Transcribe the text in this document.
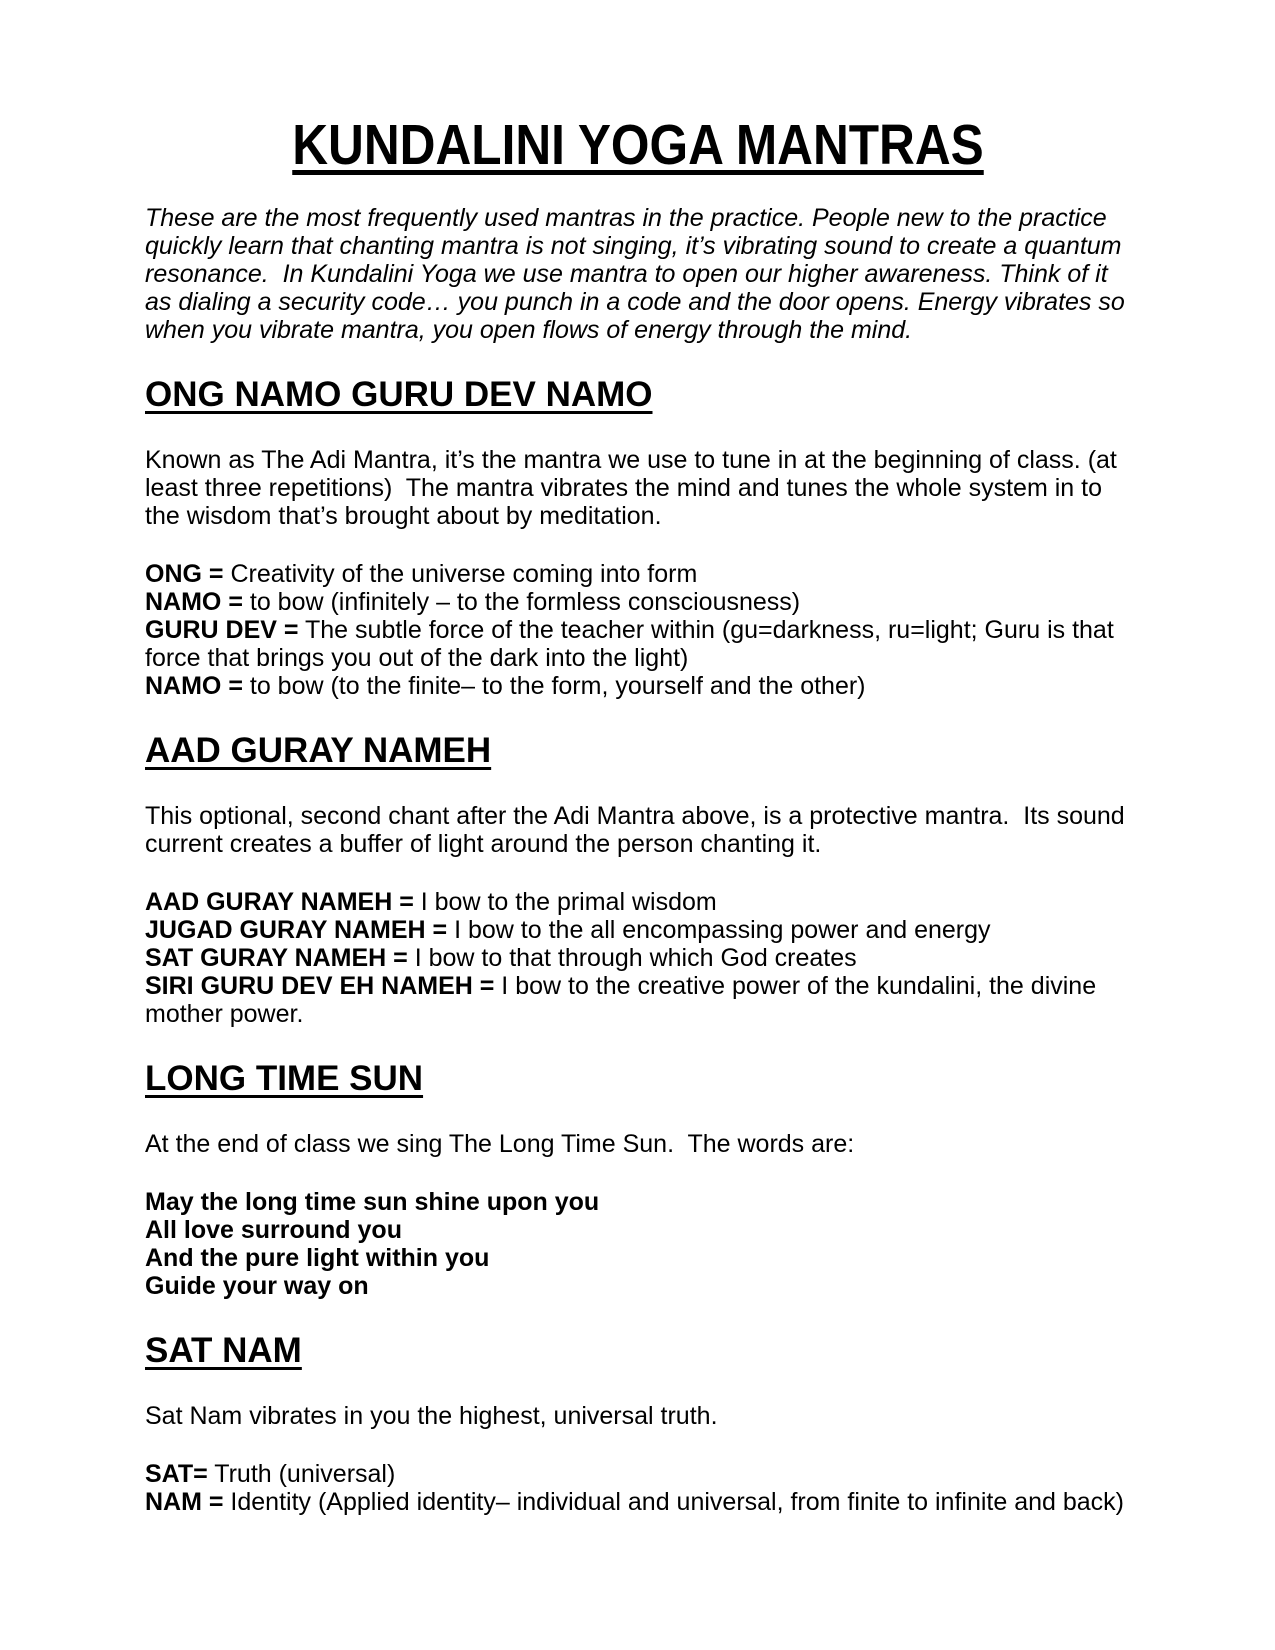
KUNDALINI YOGA MANTRAS

These are the most frequently used mantras in the practice. People new to the practice quickly learn that chanting mantra is not singing, it’s vibrating sound to create a quantum resonance.  In Kundalini Yoga we use mantra to open our higher awareness. Think of it as dialing a security code… you punch in a code and the door opens. Energy vibrates so when you vibrate mantra, you open flows of energy through the mind.

ONG NAMO GURU DEV NAMO

Known as The Adi Mantra, it’s the mantra we use to tune in at the beginning of class. (at least three repetitions)  The mantra vibrates the mind and tunes the whole system in to the wisdom that’s brought about by meditation.

ONG = Creativity of the universe coming into form
NAMO = to bow (infinitely – to the formless consciousness)
GURU DEV = The subtle force of the teacher within (gu=darkness, ru=light; Guru is that force that brings you out of the dark into the light)
NAMO = to bow (to the finite– to the form, yourself and the other)
AAD GURAY NAMEH

This optional, second chant after the Adi Mantra above, is a protective mantra.  Its sound current creates a buffer of light around the person chanting it.

AAD GURAY NAMEH = I bow to the primal wisdom
JUGAD GURAY NAMEH = I bow to the all encompassing power and energy
SAT GURAY NAMEH = I bow to that through which God creates
SIRI GURU DEV EH NAMEH = I bow to the creative power of the kundalini, the divine mother power.
LONG TIME SUN

At the end of class we sing The Long Time Sun.  The words are:

May the long time sun shine upon you
All love surround you
And the pure light within you
Guide your way on
SAT NAM

Sat Nam vibrates in you the highest, universal truth.

SAT= Truth (universal)
NAM = Identity (Applied identity– individual and universal, from finite to infinite and back)
